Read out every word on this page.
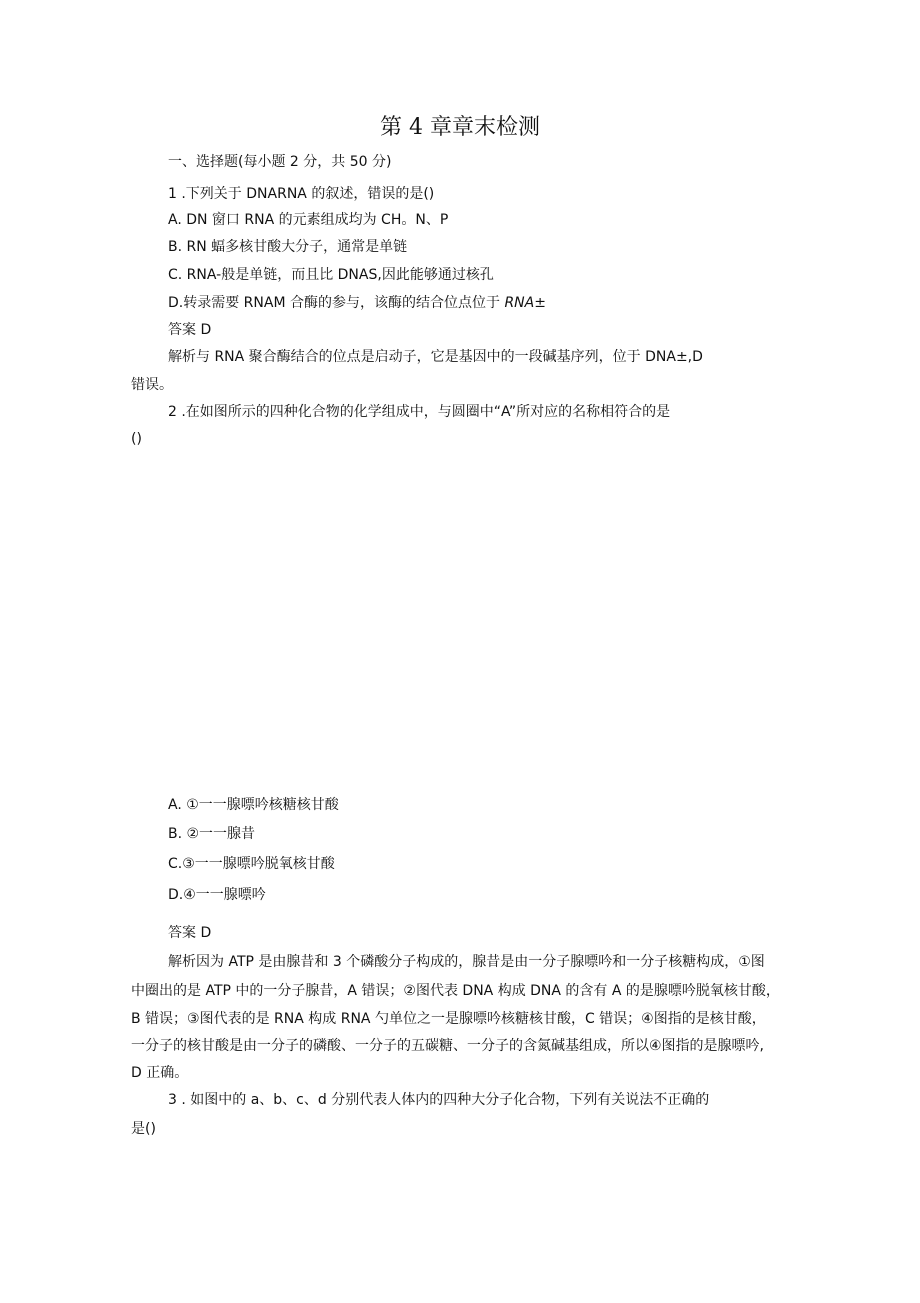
第 4 章章末检测
一、选择题(每小题 2 分，共 50 分)
1 .下列关于 DNARNA 的叙述，错误的是()
A. DN 窗口 RNA 的元素组成均为 CH。N、P
B. RN 蝠多核甘酸大分子，通常是单链
C. RNA-般是单链，而且比 DNAS,因此能够通过核孔
D.转录需要 RNAM 合酶的参与，该酶的结合位点位于 RNA±
答案 D
解析与 RNA 聚合酶结合的位点是启动子，它是基因中的一段碱基序列，位于 DNA±,D
错误。
2 .在如图所示的四种化合物的化学组成中，与圆圈中“A”所对应的名称相符合的是
()
A. ①一一腺嘌吟核糖核甘酸
B. ②一一腺昔
C.③一一腺嘌吟脱氧核甘酸
D.④一一腺嘌吟
答案 D
解析因为 ATP 是由腺昔和 3 个磷酸分子构成的，腺昔是由一分子腺嘌吟和一分子核糖构成，①图
中圈出的是 ATP 中的一分子腺昔，A 错误；②图代表 DNA 构成 DNA 的含有 A 的是腺嘌吟脱氧核甘酸，
B 错误；③图代表的是 RNA 构成 RNA 勺单位之一是腺嘌吟核糖核甘酸，C 错误；④图指的是核甘酸，
一分子的核甘酸是由一分子的磷酸、一分子的五碳糖、一分子的含氮碱基组成，所以④图指的是腺嘌吟,
D 正确。
3 . 如图中的 a、b、c、d 分别代表人体内的四种大分子化合物，下列有关说法不正确的
是()
